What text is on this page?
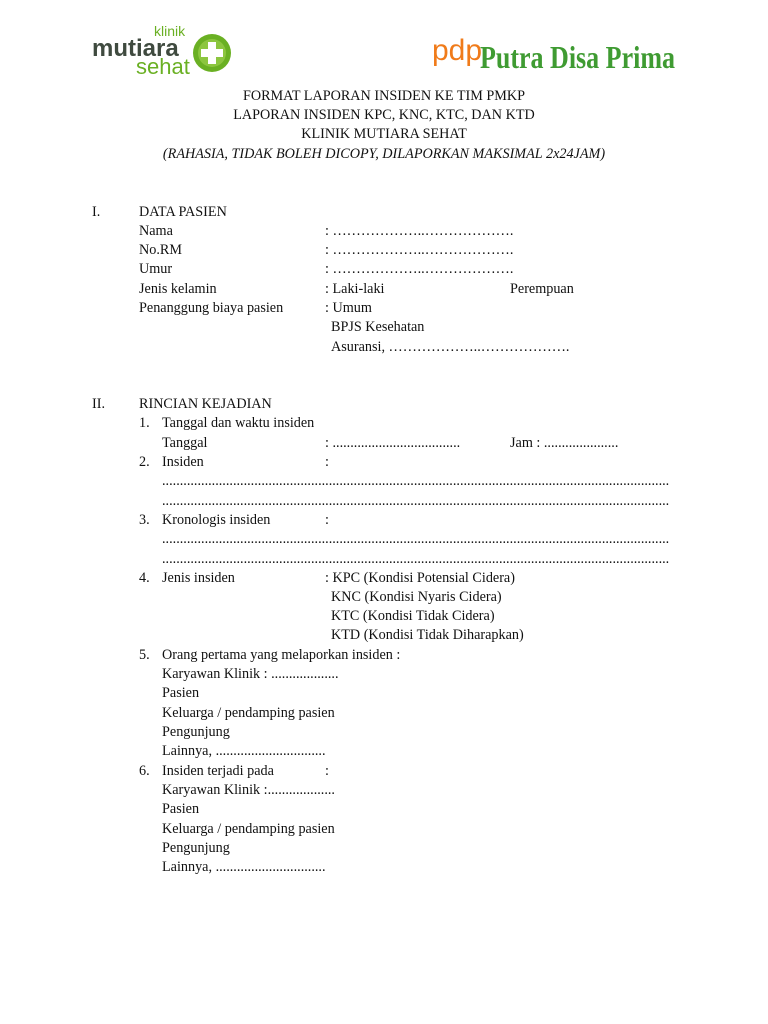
klinik
mutiara
sehat	pdp
Putra Disa Prima
FORMAT LAPORAN INSIDEN KE TIM PMKP
LAPORAN INSIDEN KPC, KNC, KTC, DAN KTD
KLINIK MUTIARA SEHAT
(RAHASIA, TIDAK BOLEH DICOPY, DILAPORKAN MAKSIMAL 2x24JAM)
I.	DATA PASIEN
Nama	: ………………..……………….
No.RM	: ………………..……………….
Umur	: ………………..……………….
Jenis kelamin	: Laki-laki	Perempuan
Penanggung biaya pasien	: Umum
BPJS Kesehatan
Asuransi, ………………..……………….
II. RINCIAN KEJADIAN
1. Tanggal dan waktu insiden
Tanggal	: ....................................	Jam : .....................
2. Insiden	:
...............................................................................................................................................
...............................................................................................................................................
3. Kronologis insiden	:
...............................................................................................................................................
...............................................................................................................................................
4. Jenis insiden	: KPC (Kondisi Potensial Cidera)
KNC (Kondisi Nyaris Cidera)
KTC (Kondisi Tidak Cidera)
KTD (Kondisi Tidak Diharapkan)
5. Orang pertama yang melaporkan insiden :
Karyawan Klinik : ...................
Pasien
Keluarga / pendamping pasien
Pengunjung
Lainnya, ...............................
6. Insiden terjadi pada	:
Karyawan Klinik :...................
Pasien
Keluarga / pendamping pasien
Pengunjung
Lainnya, ...............................
